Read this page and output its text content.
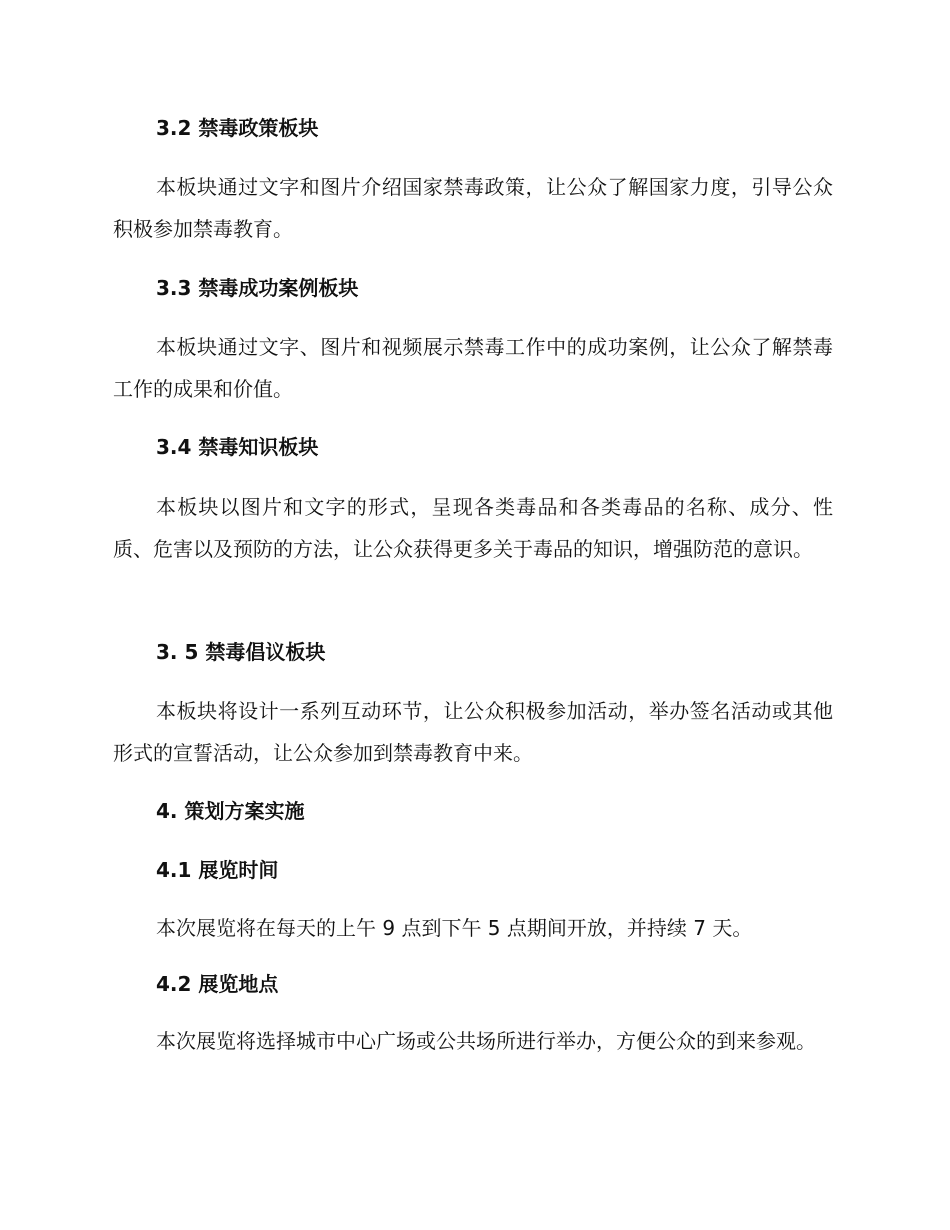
3.2 禁毒政策板块
本板块通过文字和图片介绍国家禁毒政策，让公众了解国家力度，引导公众积极参加禁毒教育。
3.3 禁毒成功案例板块
本板块通过文字、图片和视频展示禁毒工作中的成功案例，让公众了解禁毒工作的成果和价值。
3.4 禁毒知识板块
本板块以图片和文字的形式，呈现各类毒品和各类毒品的名称、成分、性质、危害以及预防的方法，让公众获得更多关于毒品的知识，增强防范的意识。
3. 5 禁毒倡议板块
本板块将设计一系列互动环节，让公众积极参加活动，举办签名活动或其他形式的宣誓活动，让公众参加到禁毒教育中来。
4. 策划方案实施
4.1 展览时间
本次展览将在每天的上午 9 点到下午 5 点期间开放，并持续 7 天。
4.2 展览地点
本次展览将选择城市中心广场或公共场所进行举办，方便公众的到来参观。
